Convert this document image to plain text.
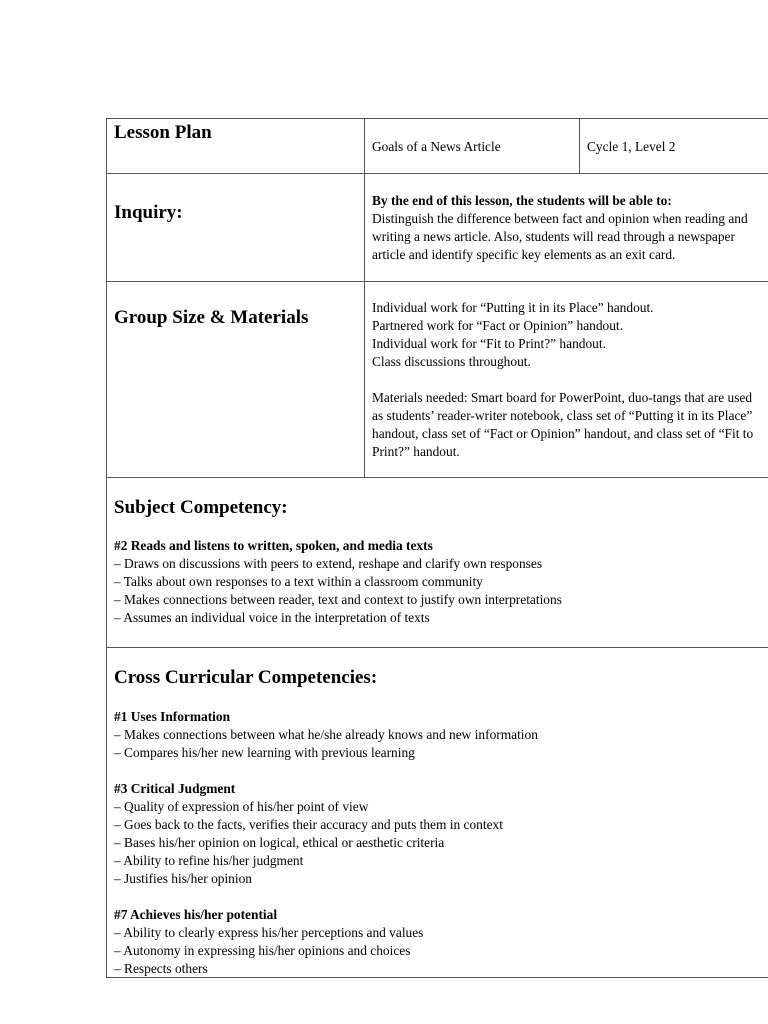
Lesson Plan
Goals of a News Article	Cycle 1, Level 2
Inquiry:
By the end of this lesson, the students will be able to:
Distinguish the difference between fact and opinion when reading and
writing a news article. Also, students will read through a newspaper
article and identify specific key elements as an exit card.
Group Size & Materials	Individual work for “Putting it in its Place” handout.
Partnered work for “Fact or Opinion” handout.
Individual work for “Fit to Print?” handout.
Class discussions throughout.
Materials needed: Smart board for PowerPoint, duo-tangs that are used
as students’ reader-writer notebook, class set of “Putting it in its Place”
handout, class set of “Fact or Opinion” handout, and class set of “Fit to
Print?” handout.
Subject Competency:
#2 Reads and listens to written, spoken, and media texts
– Draws on discussions with peers to extend, reshape and clarify own responses
– Talks about own responses to a text within a classroom community
– Makes connections between reader, text and context to justify own interpretations
– Assumes an individual voice in the interpretation of texts
Cross Curricular Competencies:
#1 Uses Information
– Makes connections between what he/she already knows and new information
– Compares his/her new learning with previous learning
#3 Critical Judgment
– Quality of expression of his/her point of view
– Goes back to the facts, verifies their accuracy and puts them in context
– Bases his/her opinion on logical, ethical or aesthetic criteria
– Ability to refine his/her judgment
– Justifies his/her opinion
#7 Achieves his/her potential
– Ability to clearly express his/her perceptions and values
– Autonomy in expressing his/her opinions and choices
– Respects others
